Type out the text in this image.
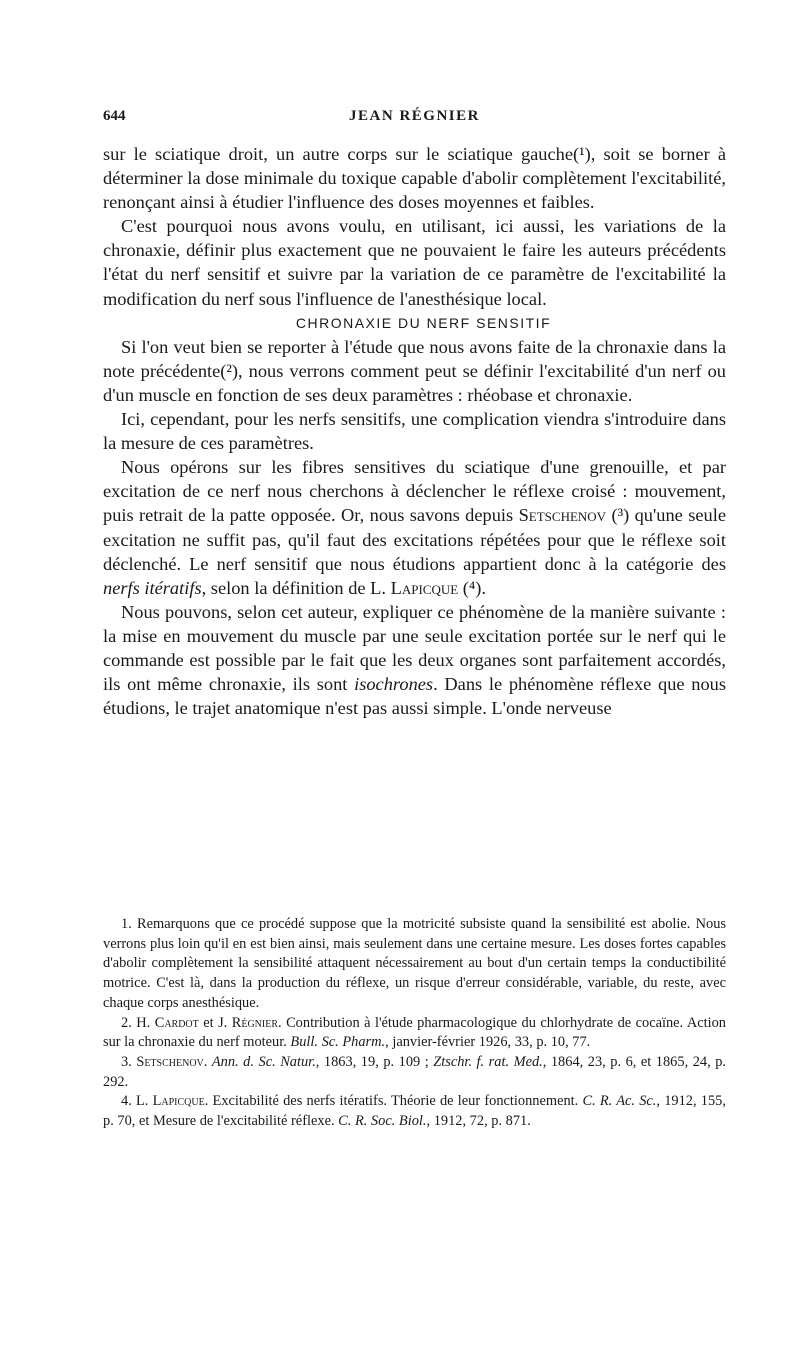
644	JEAN RÉGNIER

sur le sciatique droit, un autre corps sur le sciatique gauche(¹), soit se borner à déterminer la dose minimale du toxique capable d'abolir complètement l'excitabilité, renonçant ainsi à étudier l'influence des doses moyennes et faibles.

C'est pourquoi nous avons voulu, en utilisant, ici aussi, les variations de la chronaxie, définir plus exactement que ne pouvaient le faire les auteurs précédents l'état du nerf sensitif et suivre par la variation de ce paramètre de l'excitabilité la modification du nerf sous l'influence de l'anesthésique local.

CHRONAXIE DU NERF SENSITIF

Si l'on veut bien se reporter à l'étude que nous avons faite de la chronaxie dans la note précédente(²), nous verrons comment peut se définir l'excitabilité d'un nerf ou d'un muscle en fonction de ses deux paramètres : rhéobase et chronaxie.

Ici, cependant, pour les nerfs sensitifs, une complication viendra s'introduire dans la mesure de ces paramètres.

Nous opérons sur les fibres sensitives du sciatique d'une grenouille, et par excitation de ce nerf nous cherchons à déclencher le réflexe croisé : mouvement, puis retrait de la patte opposée. Or, nous savons depuis Setschenov (³) qu'une seule excitation ne suffit pas, qu'il faut des excitations répétées pour que le réflexe soit déclenché. Le nerf sensitif que nous étudions appartient donc à la catégorie des nerfs itératifs, selon la définition de L. Lapicque (⁴).

Nous pouvons, selon cet auteur, expliquer ce phénomène de la manière suivante : la mise en mouvement du muscle par une seule excitation portée sur le nerf qui le commande est possible par le fait que les deux organes sont parfaitement accordés, ils ont même chronaxie, ils sont isochrones. Dans le phénomène réflexe que nous étudions, le trajet anatomique n'est pas aussi simple. L'onde nerveuse

1. Remarquons que ce procédé suppose que la motricité subsiste quand la sensibilité est abolie. Nous verrons plus loin qu'il en est bien ainsi, mais seulement dans une certaine mesure. Les doses fortes capables d'abolir complètement la sensibilité attaquent nécessairement au bout d'un certain temps la conductibilité motrice. C'est là, dans la production du réflexe, un risque d'erreur considérable, variable, du reste, avec chaque corps anesthésique.

2. H. Cardot et J. Régnier. Contribution à l'étude pharmacologique du chlorhydrate de cocaïne. Action sur la chronaxie du nerf moteur. Bull. Sc. Pharm., janvier-février 1926, 33, p. 10, 77.

3. Setschenov. Ann. d. Sc. Natur., 1863, 19, p. 109 ; Ztschr. f. rat. Med., 1864, 23, p. 6, et 1865, 24, p. 292.

4. L. Lapicque. Excitabilité des nerfs itératifs. Théorie de leur fonctionnement. C. R. Ac. Sc., 1912, 155, p. 70, et Mesure de l'excitabilité réflexe. C. R. Soc. Biol., 1912, 72, p. 871.
